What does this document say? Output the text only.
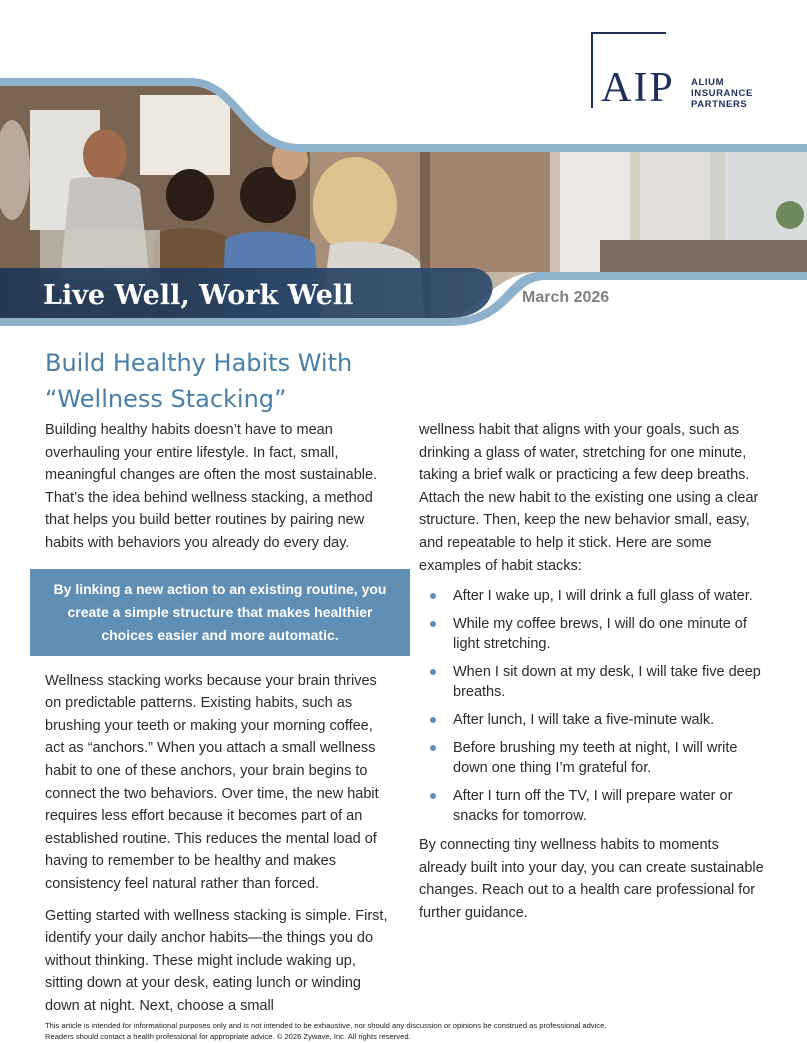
AIP ALIUM
INSURANCE
PARTNERS
Live Well, Work Well	March 2026
Build Healthy Habits With “Wellness Stacking”

Building healthy habits doesn’t have to mean overhauling your entire lifestyle. In fact, small, meaningful changes are often the most sustainable. That’s the idea behind wellness stacking, a method that helps you build better routines by pairing new habits with behaviors you already do every day.

By linking a new action to an existing routine, you create a simple structure that makes healthier choices easier and more automatic.

Wellness stacking works because your brain thrives on predictable patterns. Existing habits, such as brushing your teeth or making your morning coffee, act as “anchors.” When you attach a small wellness habit to one of these anchors, your brain begins to connect the two behaviors. Over time, the new habit requires less effort because it becomes part of an established routine. This reduces the mental load of having to remember to be healthy and makes consistency feel natural rather than forced.

Getting started with wellness stacking is simple. First, identify your daily anchor habits—the things you do without thinking. These might include waking up, sitting down at your desk, eating lunch or winding down at night. Next, choose a small

wellness habit that aligns with your goals, such as drinking a glass of water, stretching for one minute, taking a brief walk or practicing a few deep breaths. Attach the new habit to the existing one using a clear structure. Then, keep the new behavior small, easy, and repeatable to help it stick. Here are some examples of habit stacks:

After I wake up, I will drink a full glass of water.
While my coffee brews, I will do one minute of light stretching.
When I sit down at my desk, I will take five deep breaths.
After lunch, I will take a five-minute walk.
Before brushing my teeth at night, I will write down one thing I’m grateful for.
After I turn off the TV, I will prepare water or snacks for tomorrow.

By connecting tiny wellness habits to moments already built into your day, you can create sustainable changes. Reach out to a health care professional for further guidance.

This article is intended for informational purposes only and is not intended to be exhaustive, nor should any discussion or opinions be construed as professional advice.
Readers should contact a health professional for appropriate advice. © 2026 Zywave, Inc. All rights reserved.
